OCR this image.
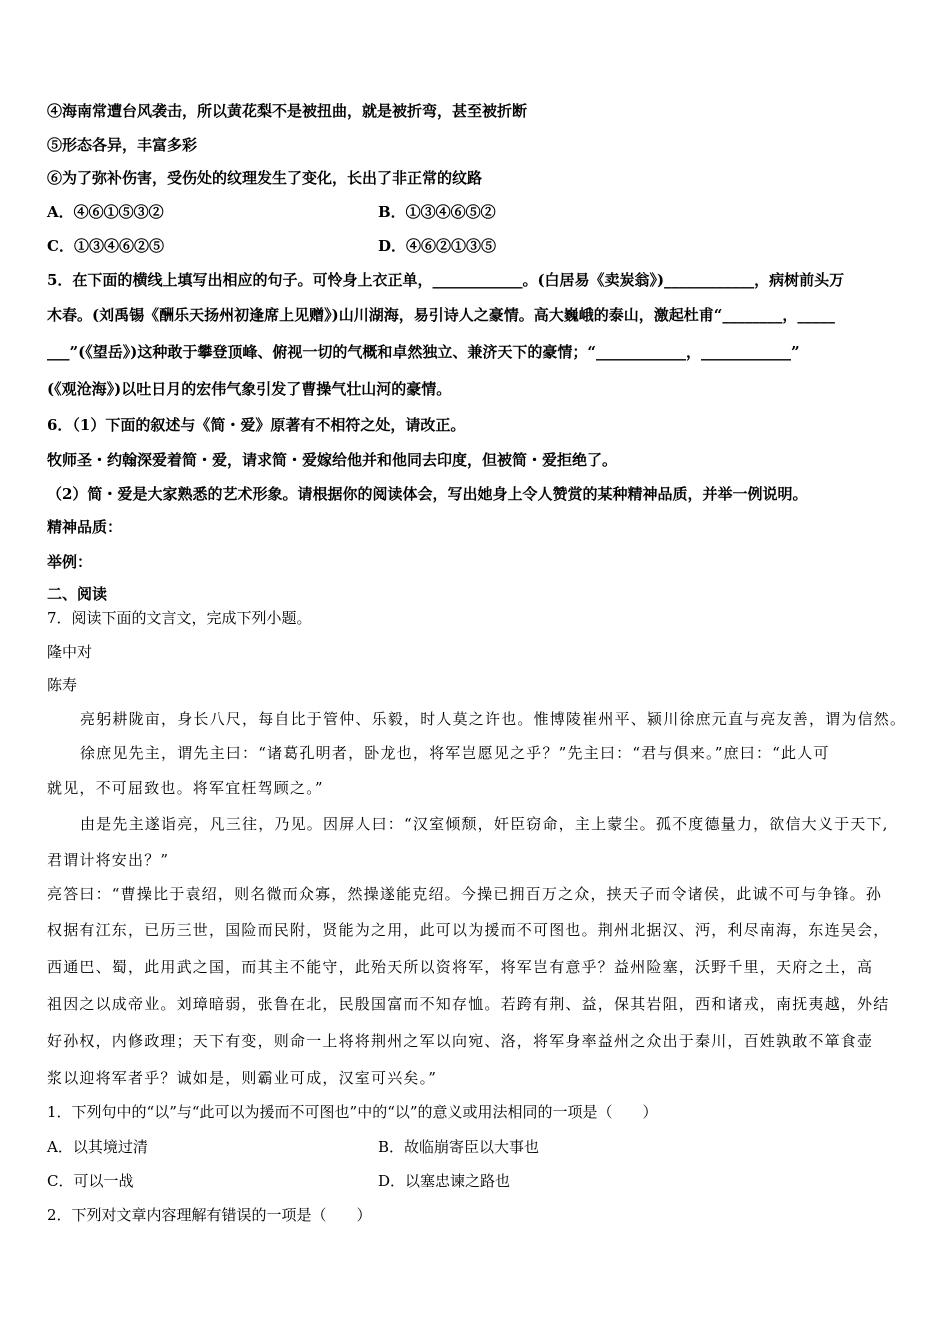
④海南常遭台风袭击，所以黄花梨不是被扭曲，就是被折弯，甚至被折断
⑤形态各异，丰富多彩
⑥为了弥补伤害，受伤处的纹理发生了变化，长出了非正常的纹路
A．④⑥①⑤③②	B．①③④⑥⑤②
C．①③④⑥②⑤	D．④⑥②①③⑤
5．在下面的横线上填写出相应的句子。可怜身上衣正单，____________。(白居易《卖炭翁》)____________，病树前头万
木春。(刘禹锡《酬乐天扬州初逢席上见赠》)山川湖海，易引诗人之豪情。高大巍峨的泰山，激起杜甫“________，_____
___”(《望岳》)这种敢于攀登顶峰、俯视一切的气概和卓然独立、兼济天下的豪情；“____________，____________”
(《观沧海》)以吐日月的宏伟气象引发了曹操气壮山河的豪情。
6．（1）下面的叙述与《简・爱》原著有不相符之处，请改正。
牧师圣・约翰深爱着简・爱，请求简・爱嫁给他并和他同去印度，但被简・爱拒绝了。
（2）简・爱是大家熟悉的艺术形象。请根据你的阅读体会，写出她身上令人赞赏的某种精神品质，并举一例说明。
精神品质：
举例：
二、阅读
7．阅读下面的文言文，完成下列小题。
隆中对
陈寿
亮躬耕陇亩，身长八尺，每自比于管仲、乐毅，时人莫之许也。惟博陵崔州平、颍川徐庶元直与亮友善，谓为信然。
徐庶见先主，谓先主曰：“诸葛孔明者，卧龙也，将军岂愿见之乎？”先主曰：“君与俱来。”庶曰：“此人可
就见，不可屈致也。将军宜枉驾顾之。”
由是先主遂诣亮，凡三往，乃见。因屏人曰：“汉室倾颓，奸臣窃命，主上蒙尘。孤不度德量力，欲信大义于天下,
君谓计将安出？”
亮答曰：“曹操比于袁绍，则名微而众寡，然操遂能克绍。今操已拥百万之众，挟天子而令诸侯，此诚不可与争锋。孙
权据有江东，已历三世，国险而民附，贤能为之用，此可以为援而不可图也。荆州北据汉、沔，利尽南海，东连吴会，
西通巴、蜀，此用武之国，而其主不能守，此殆天所以资将军，将军岂有意乎？益州险塞，沃野千里，天府之土，高
祖因之以成帝业。刘璋暗弱，张鲁在北，民殷国富而不知存恤。若跨有荆、益，保其岩阻，西和诸戎，南抚夷越，外结
好孙权，内修政理；天下有变，则命一上将将荆州之军以向宛、洛，将军身率益州之众出于秦川，百姓孰敢不箪食壶
浆以迎将军者乎？诚如是，则霸业可成，汉室可兴矣。”
1．下列句中的“以”与“此可以为援而不可图也”中的“以”的意义或用法相同的一项是（　　）
A．以其境过清	B．故临崩寄臣以大事也
C．可以一战	D．以塞忠谏之路也
2．下列对文章内容理解有错误的一项是（　　）
